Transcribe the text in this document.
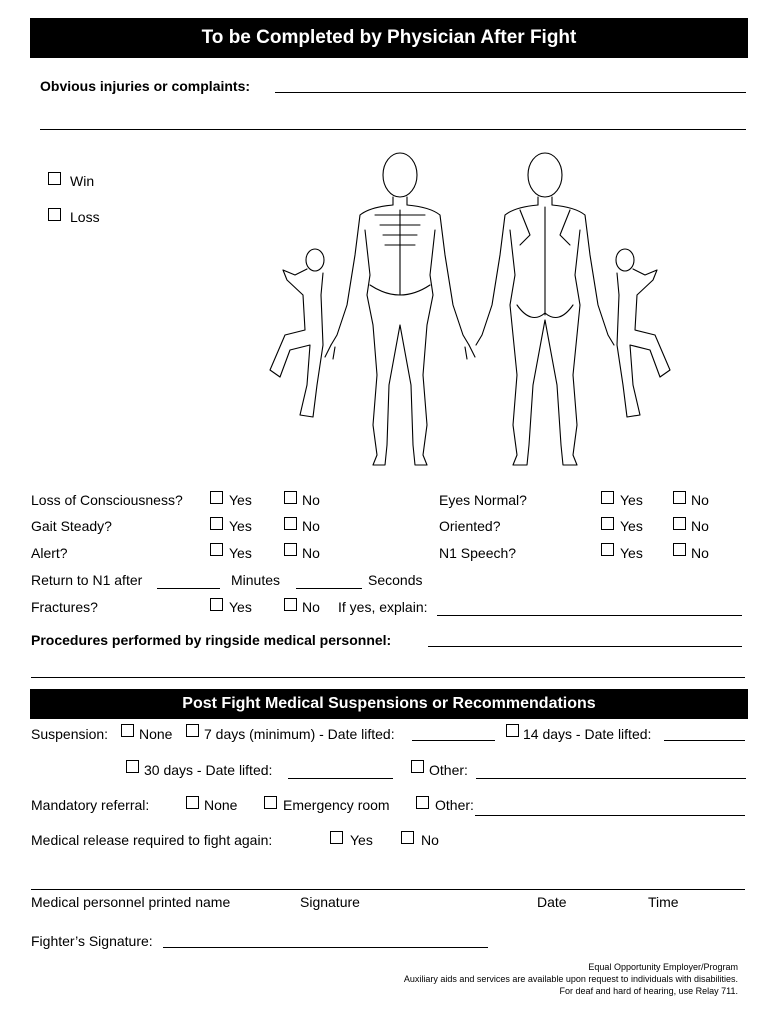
To be Completed by Physician After Fight
Obvious injuries or complaints:
Win
Loss
Loss of Consciousness?	Yes	No
Gait Steady?	Yes	No
Alert?	Yes	No
Eyes Normal?	Yes	No
Oriented?	Yes	No
N1 Speech?	Yes	No
Return to N1 after	Minutes	Seconds
Fractures?	Yes	No If yes, explain:
Procedures performed by ringside medical personnel:
Post Fight Medical Suspensions or Recommendations
Suspension: None 7 days (minimum) - Date lifted:	14 days - Date lifted:
30 days - Date lifted:	Other:
Mandatory referral:	None	Emergency room	Other:
Medical release required to fight again:	Yes	No
Medical personnel printed name	Signature	Date	Time
Fighter’s Signature:
Equal Opportunity Employer/Program
Auxiliary aids and services are available upon request to individuals with disabilities.
For deaf and hard of hearing, use Relay 711.
